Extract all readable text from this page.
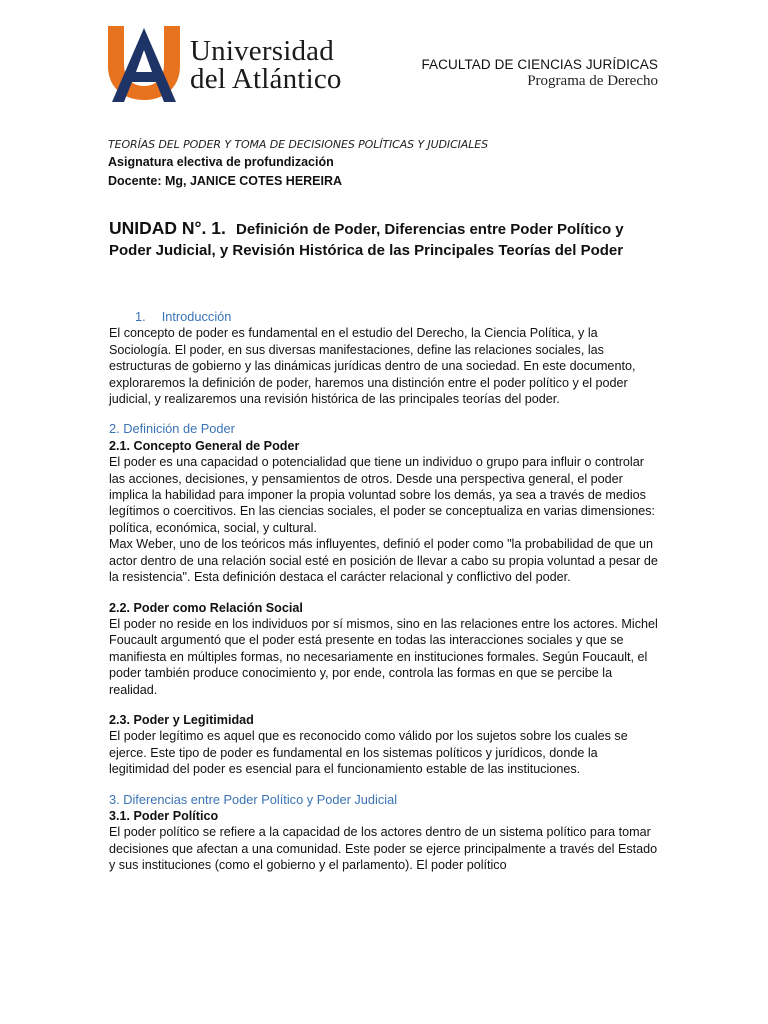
Universidad
del Atlántico	FACULTAD DE CIENCIAS JURÍDICAS
Programa de Derecho
TEORÍAS DEL PODER Y TOMA DE DECISIONES POLÍTICAS Y JUDICIALES
Asignatura electiva de profundización
Docente: Mg, JANICE COTES HEREIRA
UNIDAD N°. 1. Definición de Poder, Diferencias entre Poder Político y Poder Judicial, y Revisión Histórica de las Principales Teorías del Poder
1. Introducción

El concepto de poder es fundamental en el estudio del Derecho, la Ciencia Política, y la Sociología. El poder, en sus diversas manifestaciones, define las relaciones sociales, las estructuras de gobierno y las dinámicas jurídicas dentro de una sociedad. En este documento, exploraremos la definición de poder, haremos una distinción entre el poder político y el poder judicial, y realizaremos una revisión histórica de las principales teorías del poder.

2. Definición de Poder
2.1. Concepto General de Poder

El poder es una capacidad o potencialidad que tiene un individuo o grupo para influir o controlar las acciones, decisiones, y pensamientos de otros. Desde una perspectiva general, el poder implica la habilidad para imponer la propia voluntad sobre los demás, ya sea a través de medios legítimos o coercitivos. En las ciencias sociales, el poder se conceptualiza en varias dimensiones: política, económica, social, y cultural.

Max Weber, uno de los teóricos más influyentes, definió el poder como "la probabilidad de que un actor dentro de una relación social esté en posición de llevar a cabo su propia voluntad a pesar de la resistencia". Esta definición destaca el carácter relacional y conflictivo del poder.

2.2. Poder como Relación Social

El poder no reside en los individuos por sí mismos, sino en las relaciones entre los actores. Michel Foucault argumentó que el poder está presente en todas las interacciones sociales y que se manifiesta en múltiples formas, no necesariamente en instituciones formales. Según Foucault, el poder también produce conocimiento y, por ende, controla las formas en que se percibe la realidad.

2.3. Poder y Legitimidad

El poder legítimo es aquel que es reconocido como válido por los sujetos sobre los cuales se ejerce. Este tipo de poder es fundamental en los sistemas políticos y jurídicos, donde la legitimidad del poder es esencial para el funcionamiento estable de las instituciones.

3. Diferencias entre Poder Político y Poder Judicial
3.1. Poder Político

El poder político se refiere a la capacidad de los actores dentro de un sistema político para tomar decisiones que afectan a una comunidad. Este poder se ejerce principalmente a través del Estado y sus instituciones (como el gobierno y el parlamento). El poder político
